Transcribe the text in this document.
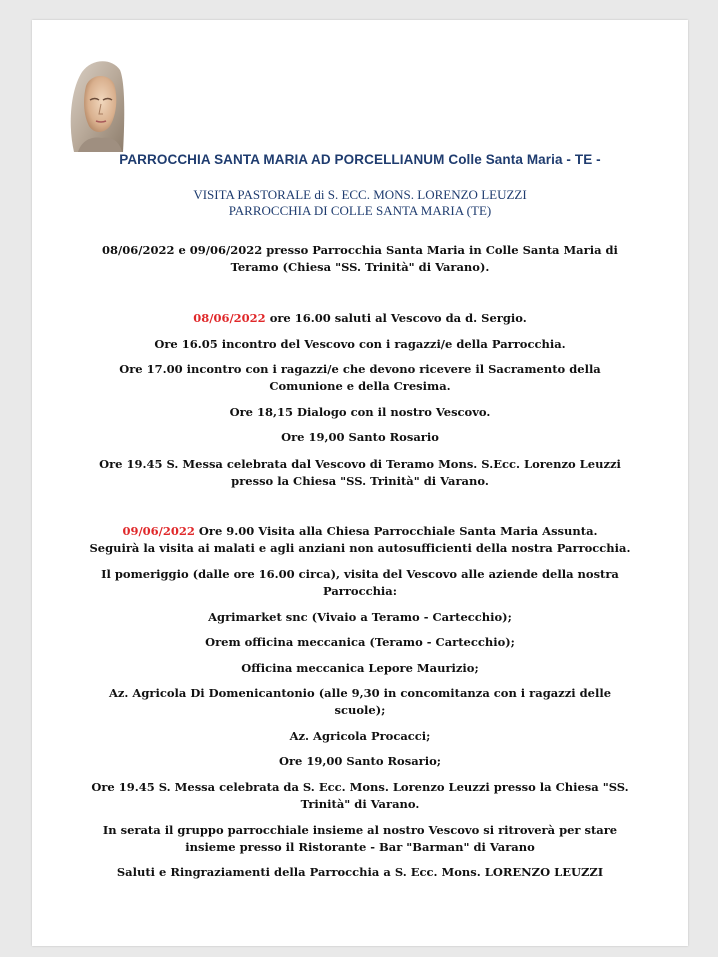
PARROCCHIA SANTA MARIA AD PORCELLIANUM Colle Santa Maria - TE -
VISITA PASTORALE di S. ECC. MONS. LORENZO LEUZZI
PARROCCHIA DI COLLE SANTA MARIA (TE)

08/06/2022 e 09/06/2022 presso Parrocchia Santa Maria in Colle Santa Maria di

Teramo (Chiesa "SS. Trinità" di Varano).

08/06/2022 ore 16.00 saluti al Vescovo da d. Sergio.

Ore 16.05 incontro del Vescovo con i ragazzi/e della Parrocchia.

Ore 17.00 incontro con i ragazzi/e che devono ricevere il Sacramento della

Comunione e della Cresima.

Ore 18,15 Dialogo con il nostro Vescovo.

Ore 19,00 Santo Rosario

Ore 19.45 S. Messa celebrata dal Vescovo di Teramo Mons. S.Ecc. Lorenzo Leuzzi

presso la Chiesa "SS. Trinità" di Varano.

09/06/2022 Ore 9.00 Visita alla Chiesa Parrocchiale Santa Maria Assunta.

Seguirà la visita ai malati e agli anziani non autosufficienti della nostra Parrocchia.

Il pomeriggio (dalle ore 16.00 circa), visita del Vescovo alle aziende della nostra

Parrocchia:

Agrimarket snc (Vivaio a Teramo - Cartecchio);

Orem officina meccanica (Teramo - Cartecchio);

Officina meccanica Lepore Maurizio;

Az. Agricola Di Domenicantonio (alle 9,30 in concomitanza con i ragazzi delle

scuole);

Az. Agricola Procacci;

Ore 19,00 Santo Rosario;

Ore 19.45 S. Messa celebrata da S. Ecc. Mons. Lorenzo Leuzzi presso la Chiesa "SS.

Trinità" di Varano.

In serata il gruppo parrocchiale insieme al nostro Vescovo si ritroverà per stare

insieme presso il Ristorante - Bar "Barman" di Varano

Saluti e Ringraziamenti della Parrocchia a S. Ecc. Mons. LORENZO LEUZZI
